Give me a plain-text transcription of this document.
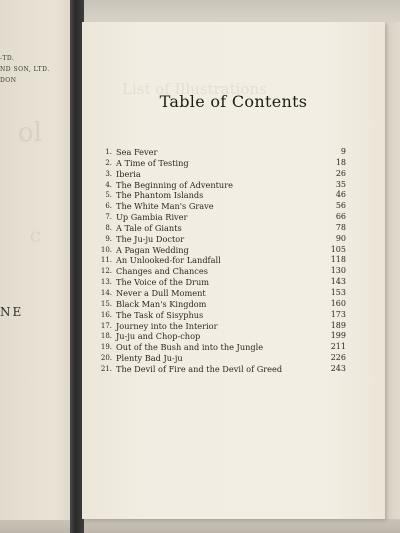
-TD.
ND SON, LTD.
DON
NE
ol
C
List of Illustrations
Table of Contents
1. Sea Fever	9
2. A Time of Testing	18
3. Iberia	26
4. The Beginning of Adventure	35
5. The Phantom Islands	46
6. The White Man's Grave	56
7. Up Gambia River	66
8. A Tale of Giants	78
9. The Ju-ju Doctor	90
10. A Pagan Wedding	105
11. An Unlooked-for Landfall	118
12. Changes and Chances	130
13. The Voice of the Drum	143
14. Never a Dull Moment	153
15. Black Man's Kingdom	160
16. The Task of Sisyphus	173
17. Journey into the Interior	189
18. Ju-ju and Chop-chop	199
19. Out of the Bush and into the Jungle	211
20. Plenty Bad Ju-ju	226
21. The Devil of Fire and the Devil of Greed	243
